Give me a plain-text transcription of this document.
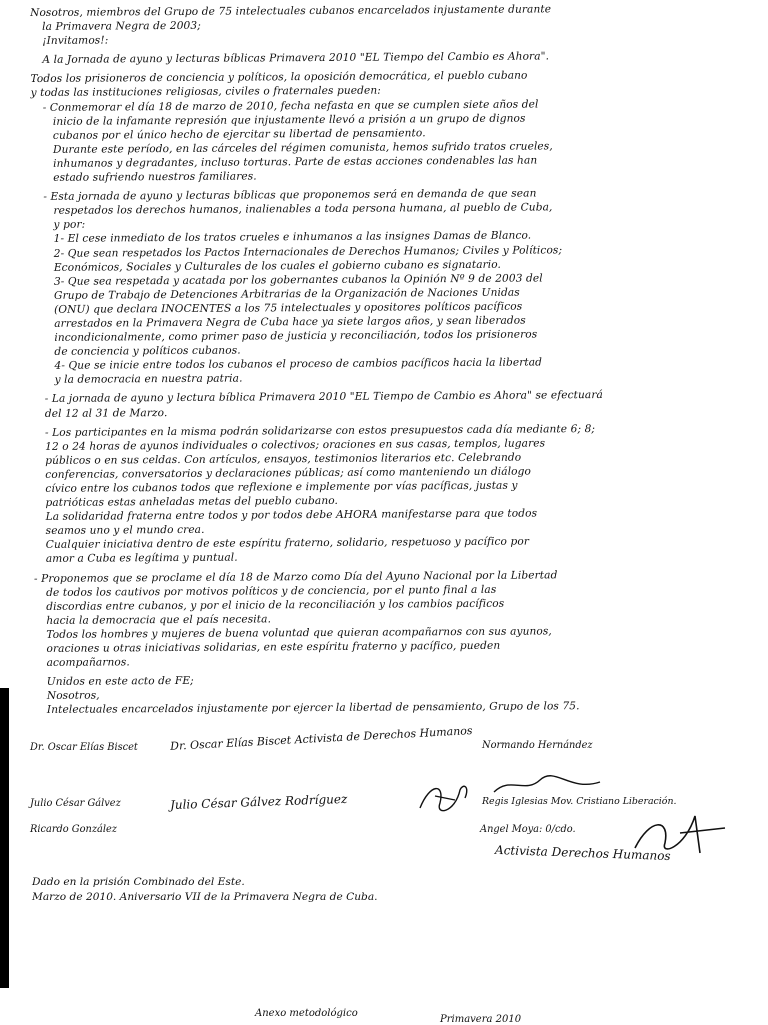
Nosotros, miembros del Grupo de 75 intelectuales cubanos encarcelados injustamente durante

la Primavera Negra de 2003;

¡Invitamos!:

A la Jornada de ayuno y lecturas bíblicas Primavera 2010 "EL Tiempo del Cambio es Ahora".

Todos los prisioneros de conciencia y políticos, la oposición democrática, el pueblo cubano

y todas las instituciones religiosas, civiles o fraternales pueden:

- Conmemorar el día 18 de marzo de 2010, fecha nefasta en que se cumplen siete años del

inicio de la infamante represión que injustamente llevó a prisión a un grupo de dignos

cubanos por el único hecho de ejercitar su libertad de pensamiento.

Durante este período, en las cárceles del régimen comunista, hemos sufrido tratos crueles,

inhumanos y degradantes, incluso torturas. Parte de estas acciones condenables las han

estado sufriendo nuestros familiares.

- Esta jornada de ayuno y lecturas bíblicas que proponemos será en demanda de que sean

respetados los derechos humanos, inalienables a toda persona humana, al pueblo de Cuba,

y por:

1- El cese inmediato de los tratos crueles e inhumanos a las insignes Damas de Blanco.

2- Que sean respetados los Pactos Internacionales de Derechos Humanos; Civiles y Políticos;

Económicos, Sociales y Culturales de los cuales el gobierno cubano es signatario.

3- Que sea respetada y acatada por los gobernantes cubanos la Opinión Nº 9 de 2003 del

Grupo de Trabajo de Detenciones Arbitrarias de la Organización de Naciones Unidas

(ONU) que declara INOCENTES a los 75 intelectuales y opositores políticos pacíficos

arrestados en la Primavera Negra de Cuba hace ya siete largos años, y sean liberados

incondicionalmente, como primer paso de justicia y reconciliación, todos los prisioneros

de conciencia y políticos cubanos.

4- Que se inicie entre todos los cubanos el proceso de cambios pacíficos hacia la libertad

y la democracia en nuestra patria.

- La jornada de ayuno y lectura bíblica Primavera 2010 "EL Tiempo de Cambio es Ahora" se efectuará

del 12 al 31 de Marzo.

- Los participantes en la misma podrán solidarizarse con estos presupuestos cada día mediante 6; 8;

12 o 24 horas de ayunos individuales o colectivos; oraciones en sus casas, templos, lugares

públicos o en sus celdas. Con artículos, ensayos, testimonios literarios etc. Celebrando

conferencias, conversatorios y declaraciones públicas; así como manteniendo un diálogo

cívico entre los cubanos todos que reflexione e implemente por vías pacíficas, justas y

patrióticas estas anheladas metas del pueblo cubano.

La solidaridad fraterna entre todos y por todos debe AHORA manifestarse para que todos

seamos uno y el mundo crea.

Cualquier iniciativa dentro de este espíritu fraterno, solidario, respetuoso y pacífico por

amor a Cuba es legítima y puntual.

- Proponemos que se proclame el día 18 de Marzo como Día del Ayuno Nacional por la Libertad

de todos los cautivos por motivos políticos y de conciencia, por el punto final a las

discordias entre cubanos, y por el inicio de la reconciliación y los cambios pacíficos

hacia la democracia que el país necesita.

Todos los hombres y mujeres de buena voluntad que quieran acompañarnos con sus ayunos,

oraciones u otras iniciativas solidarias, en este espíritu fraterno y pacífico, pueden

acompañarnos.

Unidos en este acto de FE;

Nosotros,

Intelectuales encarcelados injustamente por ejercer la libertad de pensamiento, Grupo de los 75.

Dr. Oscar Elías Biscet	Dr. Oscar Elías Biscet Activista de Derechos Humanos Normando Hernández
Julio César Gálvez	Julio César Gálvez Rodríguez	Regis Iglesias Mov. Cristiano Liberación.
Ricardo González	Angel Moya: 0/cdo.
Activista Derechos Humanos

Dado en la prisión Combinado del Este.

Marzo de 2010. Aniversario VII de la Primavera Negra de Cuba.

Anexo metodológico
Primavera 2010
